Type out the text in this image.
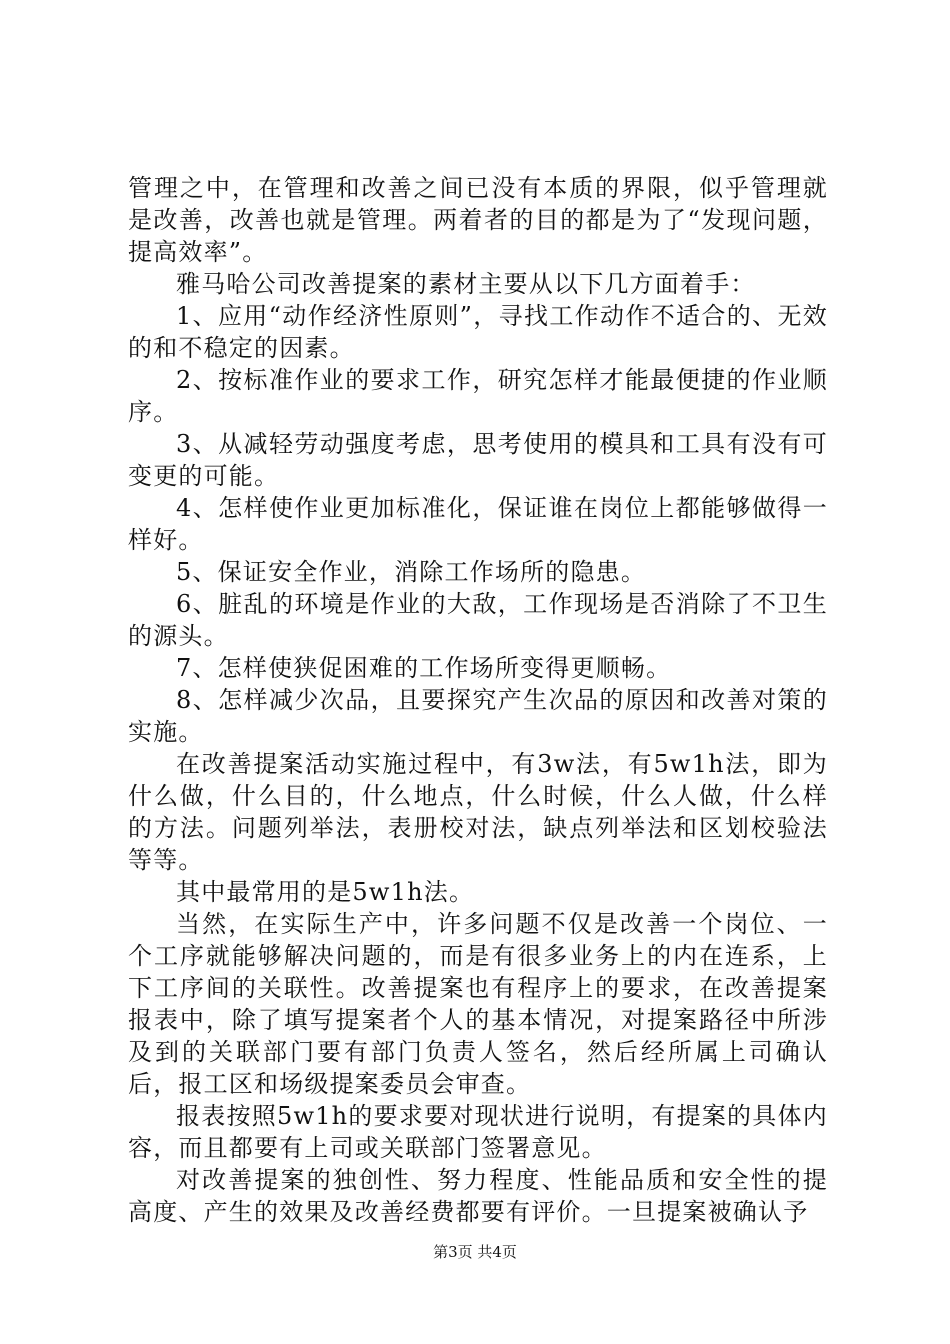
管理之中，在管理和改善之间已没有本质的界限，似乎管理就是改善，改善也就是管理。两着者的目的都是为了“发现问题，提高效率”。

雅马哈公司改善提案的素材主要从以下几方面着手：

1、应用“动作经济性原则”，寻找工作动作不适合的、无效的和不稳定的因素。

2、按标准作业的要求工作，研究怎样才能最便捷的作业顺序。

3、从减轻劳动强度考虑，思考使用的模具和工具有没有可变更的可能。

4、怎样使作业更加标准化，保证谁在岗位上都能够做得一样好。

5、保证安全作业，消除工作场所的隐患。

6、脏乱的环境是作业的大敌，工作现场是否消除了不卫生的源头。

7、怎样使狭促困难的工作场所变得更顺畅。

8、怎样减少次品，且要探究产生次品的原因和改善对策的实施。

在改善提案活动实施过程中，有3w法，有5w1h法，即为什么做，什么目的，什么地点，什么时候，什么人做，什么样的方法。问题列举法，表册校对法，缺点列举法和区划校验法等等。

其中最常用的是5w1h法。

当然，在实际生产中，许多问题不仅是改善一个岗位、一个工序就能够解决问题的，而是有很多业务上的内在连系，上下工序间的关联性。改善提案也有程序上的要求，在改善提案报表中，除了填写提案者个人的基本情况，对提案路径中所涉及到的关联部门要有部门负责人签名，然后经所属上司确认后，报工区和场级提案委员会审查。

报表按照5w1h的要求要对现状进行说明，有提案的具体内容，而且都要有上司或关联部门签署意见。

对改善提案的独创性、努力程度、性能品质和安全性的提高度、产生的效果及改善经费都要有评价。一旦提案被确认予

第3页 共4页
